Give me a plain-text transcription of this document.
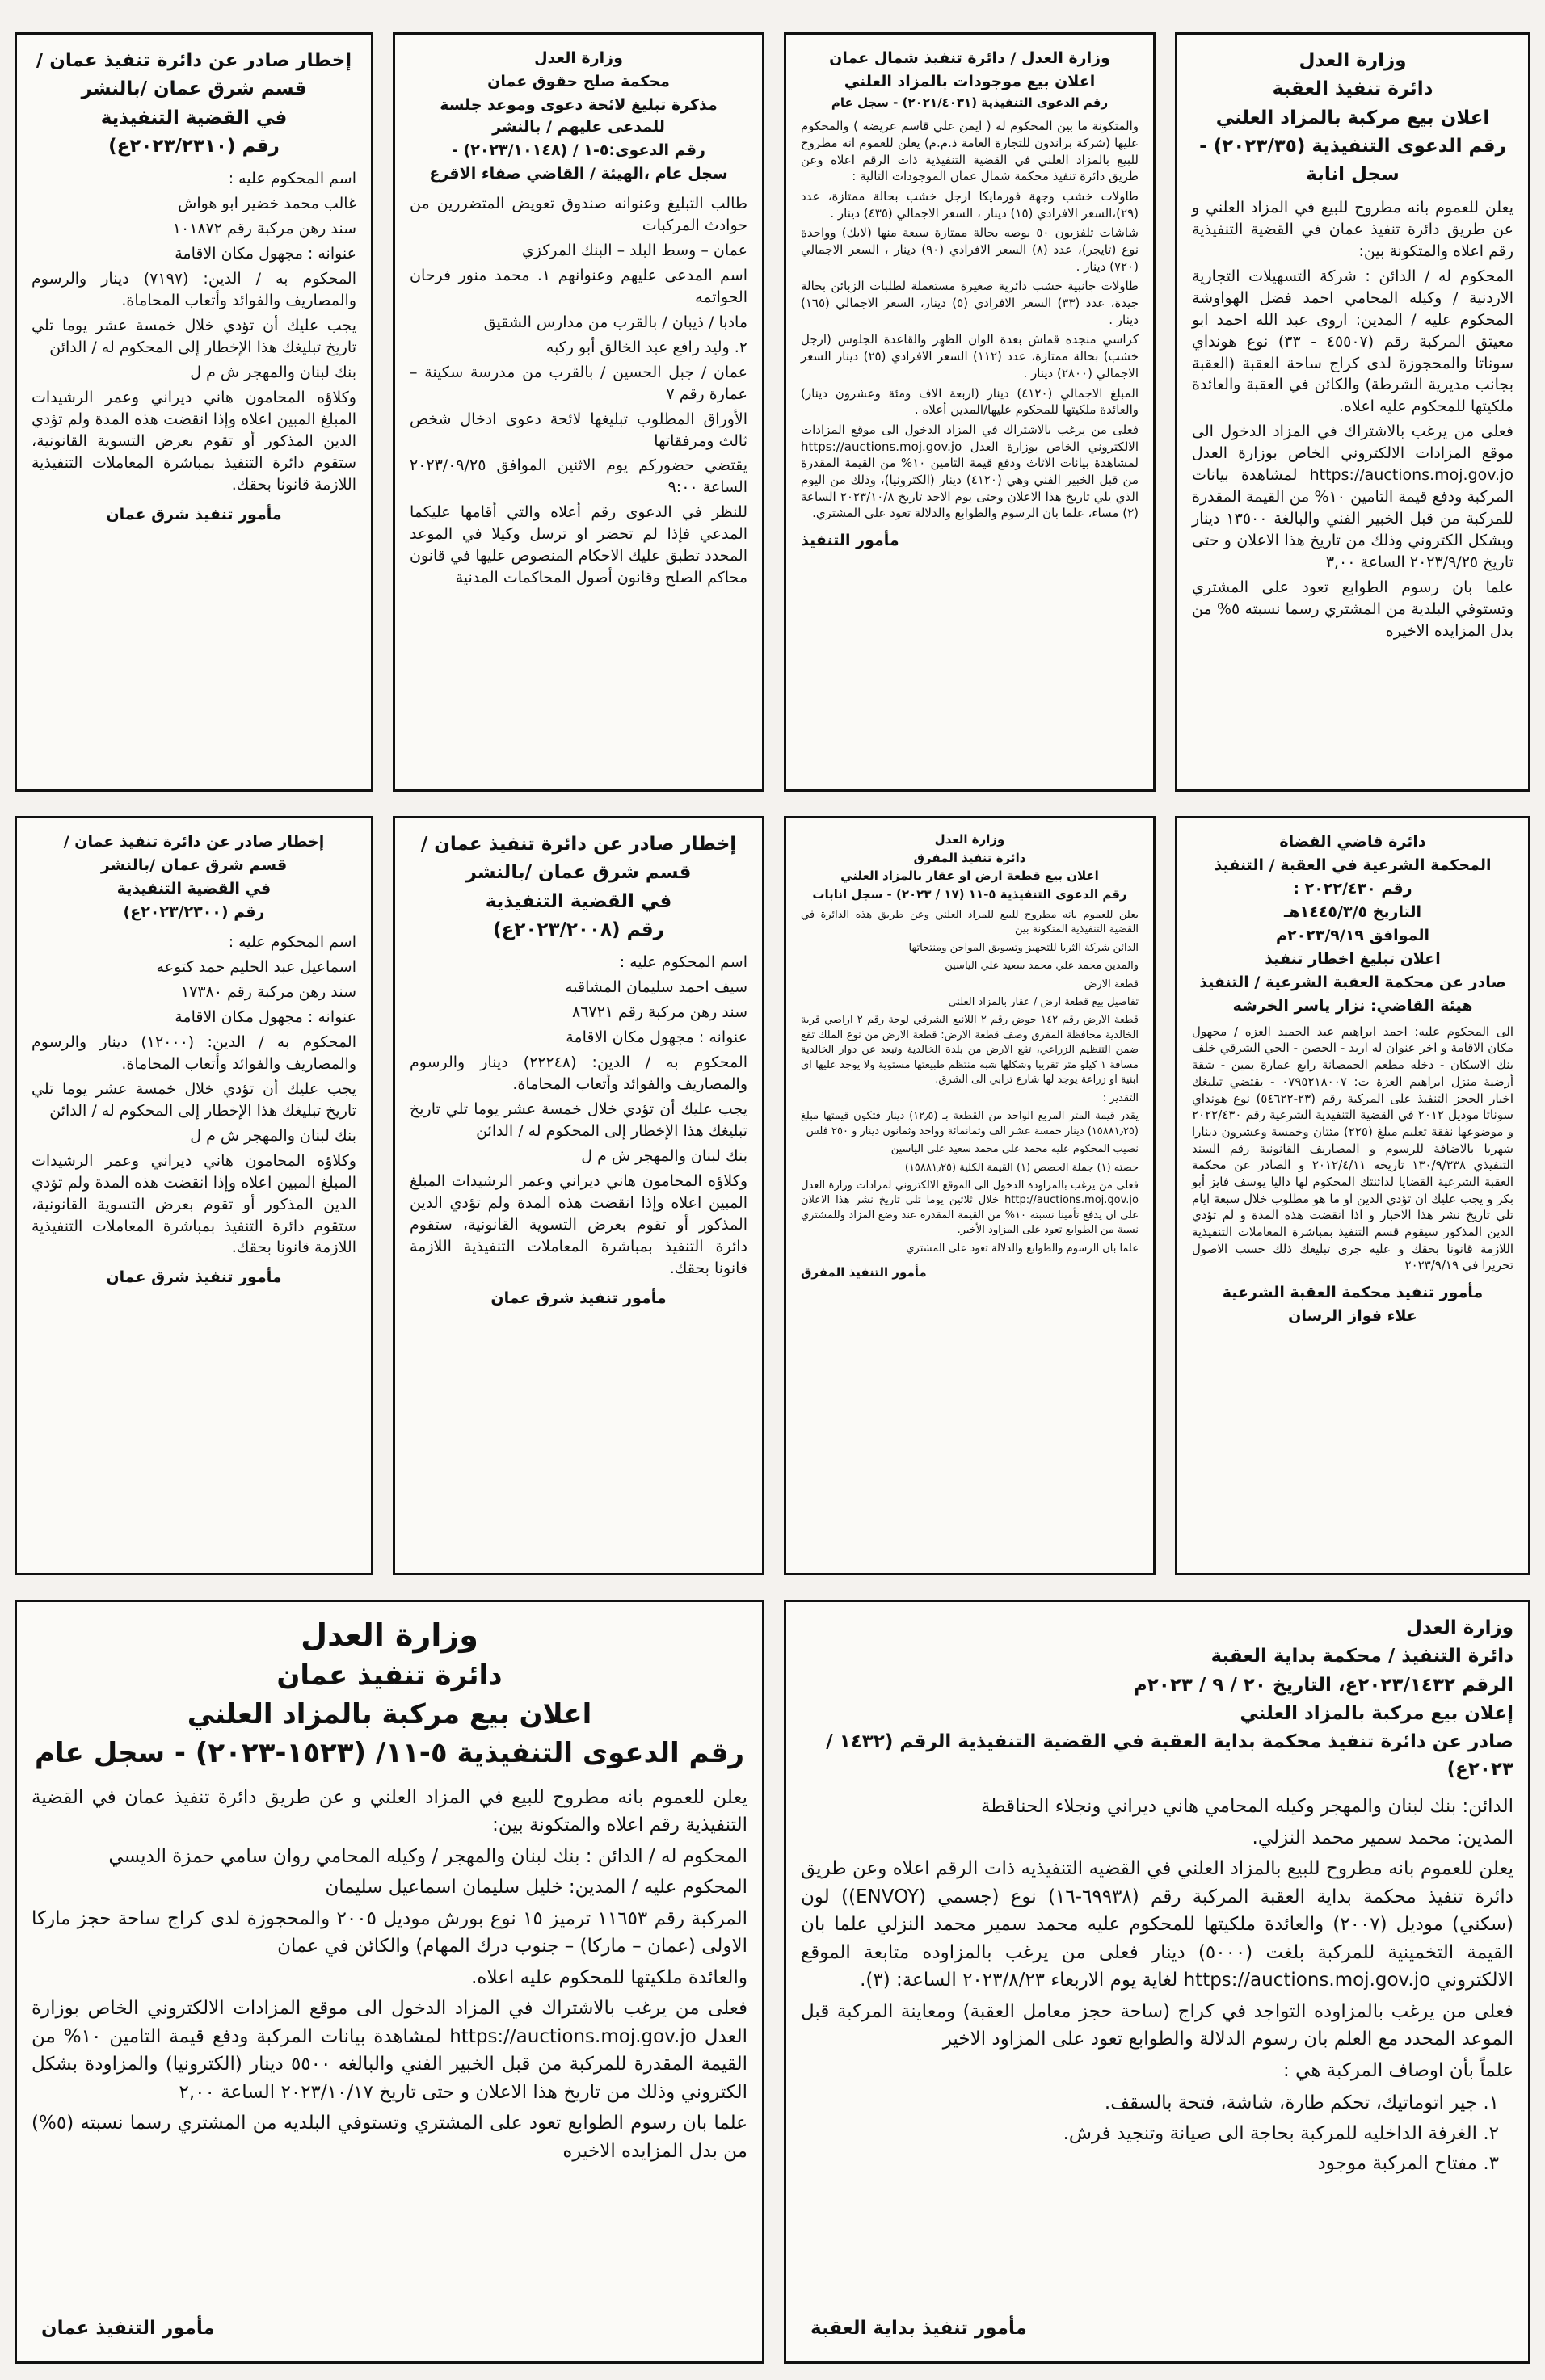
وزارة العدل
دائرة تنفيذ العقبة
اعلان بيع مركبة بالمزاد العلني
رقم الدعوى التنفيذية (٢٠٢٣/٣٥) -
سجل انابة

يعلن للعموم بانه مطروح للبيع في المزاد العلني و عن طريق دائرة تنفيذ عمان في القضية التنفيذية رقم اعلاه والمتكونة بين:

المحكوم له / الدائن : شركة التسهيلات التجارية الاردنية / وكيله المحامي احمد فضل الهواوشة المحكوم عليه / المدين: اروى عبد الله احمد ابو معيتق المركبة رقم (٤٥٥٠٧ - ٣٣) نوع هونداي سوناتا والمحجوزة لدى كراج ساحة العقبة (العقبة بجانب مديرية الشرطة) والكائن في العقبة والعائدة ملكيتها للمحكوم عليه اعلاه.

فعلى من يرغب بالاشتراك في المزاد الدخول الى موقع المزادات الالكتروني الخاص بوزارة العدل https://auctions.moj.gov.jo لمشاهدة بيانات المركبة ودفع قيمة التامين ١٠% من القيمة المقدرة للمركبة من قبل الخبير الفني والبالغة ١٣٥٠٠ دينار وبشكل الكتروني وذلك من تاريخ هذا الاعلان و حتى تاريخ ٢٠٢٣/٩/٢٥ الساعة ٣,٠٠

علما بان رسوم الطوابع تعود على المشتري وتستوفي البلدية من المشتري رسما نسبته ٥% من بدل المزايده الاخيره

وزارة العدل / دائرة تنفيذ شمال عمان
اعلان بيع موجودات بالمزاد العلني
رقم الدعوى التنفيذية (٢٠٢١/٤٠٣١) - سجل عام

والمتكونة ما بين المحكوم له ( ايمن علي قاسم عريضه ) والمحكوم عليها (شركة براندون للتجارة العامة ذ.م.م) يعلن للعموم انه مطروح للبيع بالمزاد العلني في القضية التنفيذية ذات الرقم اعلاه وعن طريق دائرة تنفيذ محكمة شمال عمان الموجودات التالية :

طاولات خشب وجهة فورمايكا ارجل خشب بحالة ممتازة، عدد (٢٩)،السعر الافرادي (١٥) دينار ، السعر الاجمالي (٤٣٥) دينار .

شاشات تلفزيون ٥٠ بوصه بحالة ممتازة سبعة منها (لايك) وواحدة نوع (تايجر)، عدد (٨) السعر الافرادي (٩٠) دينار ، السعر الاجمالي (٧٢٠) دينار .

طاولات جانبية خشب دائرية صغيرة مستعملة لطلبات الزبائن بحالة جيدة، عدد (٣٣) السعر الافرادي (٥) دينار، السعر الاجمالي (١٦٥) دينار .

كراسي منجده قماش بعدة الوان الظهر والقاعدة الجلوس (ارجل خشب) بحالة ممتازة، عدد (١١٢) السعر الافرادي (٢٥) دينار السعر الاجمالي (٢٨٠٠) دينار .

المبلغ الاجمالي (٤١٢٠) دينار (اربعة الاف ومئة وعشرون دينار) والعائدة ملكيتها للمحكوم عليها/المدين أعلاه .

فعلى من يرغب بالاشتراك في المزاد الدخول الى موقع المزادات الالكتروني الخاص بوزارة العدل https://auctions.moj.gov.jo لمشاهدة بيانات الاثاث ودفع قيمة التامين ١٠% من القيمة المقدرة من قبل الخبير الفني وهي (٤١٢٠) دينار (الكترونيا)، وذلك من اليوم الذي يلي تاريخ هذا الاعلان وحتى يوم الاحد تاريخ ٢٠٢٣/١٠/٨ الساعة (٢) مساء، علما بان الرسوم والطوابع والدلالة تعود على المشتري.

مأمور التنفيذ
وزارة العدل
محكمة صلح حقوق عمان
مذكرة تبليغ لائحة دعوى وموعد جلسة للمدعى عليهم / بالنشر
رقم الدعوى:٥-١ / (٢٠٢٣/١٠١٤٨) -
سجل عام ،الهيئة / القاضي صفاء الاقرع

طالب التبليغ وعنوانه صندوق تعويض المتضررين من حوادث المركبات

عمان – وسط البلد – البنك المركزي

اسم المدعى عليهم وعنوانهم ١. محمد منور فرحان الحواتمه

مادبا / ذيبان / بالقرب من مدارس الشقيق

٢. وليد رافع عبد الخالق أبو ركبه

عمان / جبل الحسين / بالقرب من مدرسة سكينة – عمارة رقم ٧

الأوراق المطلوب تبليغها لائحة دعوى ادخال شخص ثالث ومرفقاتها

يقتضي حضوركم يوم الاثنين الموافق ٢٠٢٣/٠٩/٢٥ الساعة ٩:٠٠

للنظر في الدعوى رقم أعلاه والتي أقامها عليكما المدعي فإذا لم تحضر او ترسل وكيلا في الموعد المحدد تطبق عليك الاحكام المنصوص عليها في قانون محاكم الصلح وقانون أصول المحاكمات المدنية

إخطار صادر عن دائرة تنفيذ عمان /
قسم شرق عمان /بالنشر
في القضية التنفيذية
رقم (٢٠٢٣/٢٣١٠ع)

اسم المحكوم عليه :

غالب محمد خضير ابو هواش

سند رهن مركبة رقم ١٠١٨٧٢

عنوانه : مجهول مكان الاقامة

المحكوم به / الدين: (٧١٩٧) دينار والرسوم والمصاريف والفوائد وأتعاب المحاماة.

يجب عليك أن تؤدي خلال خمسة عشر يوما تلي تاريخ تبليغك هذا الإخطار إلى المحكوم له / الدائن

بنك لبنان والمهجر ش م ل

وكلاؤه المحامون هاني ديراني وعمر الرشيدات المبلغ المبين اعلاه وإذا انقضت هذه المدة ولم تؤدي الدين المذكور أو تقوم بعرض التسوية القانونية، ستقوم دائرة التنفيذ بمباشرة المعاملات التنفيذية اللازمة قانونا بحقك.

مأمور تنفيذ شرق عمان
دائرة قاضي القضاة
المحكمة الشرعية في العقبة / التنفيذ
رقم ٢٠٢٢/٤٣٠ :
التاريخ ١٤٤٥/٣/٥هـ
الموافق ٢٠٢٣/٩/١٩م
اعلان تبليغ اخطار تنفيذ
صادر عن محكمة العقبة الشرعية / التنفيذ
هيئة القاضي: نزار ياسر الخرشه

الى المحكوم عليه: احمد ابراهيم عبد الحميد العزه / مجهول مكان الاقامة و اخر عنوان له اربد - الحصن - الحي الشرقي خلف بنك الاسكان - دخله مطعم الحمصانة رابع عمارة يمين - شقة أرضية منزل ابراهيم العزة ت: ٠٧٩٥٢١٨٠٠٧ - يقتضي تبليغك اخبار الحجز التنفيذ على المركبة رقم (٢٣-٥٤٦٢٢) نوع هونداي سوناتا موديل ٢٠١٢ في القضية التنفيذية الشرعية رقم ٢٠٢٢/٤٣٠ و موضوعها نفقة تعليم مبلغ (٢٢٥) مئتان وخمسة وعشرون دينارا شهريا بالاضافة للرسوم و المصاريف القانونية رقم السند التنفيذي ١٣٠/٩/٣٣٨ تاريخه ٢٠١٢/٤/١١ و الصادر عن محكمة العقبة الشرعية القضايا لدائنتك المحكوم لها داليا يوسف فايز أبو بكر و يجب عليك ان تؤدي الدين او ما هو مطلوب خلال سبعة ايام تلي تاريخ نشر هذا الاخبار و اذا انقضت هذه المدة و لم تؤدي الدين المذكور سيقوم قسم التنفيذ بمباشرة المعاملات التنفيذية اللازمة قانونا بحقك و عليه جرى تبليغك ذلك حسب الاصول تحريرا في ٢٠٢٣/٩/١٩

مأمور تنفيذ محكمة العقبة الشرعية
علاء فواز الرسان
وزارة العدل
دائرة تنفيذ المفرق
اعلان بيع قطعة ارض او عقار بالمزاد العلني
رقم الدعوى التنفيذية ٥-١١ (١٧ / ٢٠٢٣) - سجل انابات

يعلن للعموم بانه مطروح للبيع للمزاد العلني وعن طريق هذه الدائرة في القضية التنفيذية المتكونة بين

الدائن شركة الثريا للتجهيز وتسويق المواجن ومنتجاتها

والمدين محمد علي محمد سعيد علي الياسين

قطعة الارض

تفاصيل بيع قطعة ارض / عقار بالمزاد العلني

قطعة الارض رقم ١٤٢ حوض رقم ٢ اللانبع الشرقي لوحة رقم ٢ اراضي قرية الخالدية محافظة المفرق وصف قطعة الارض: قطعة الارض من نوع الملك تقع ضمن التنظيم الزراعي، تقع الارض من بلدة الخالدية وتبعد عن دوار الخالدية مسافة ١ كيلو متر تقريبا وشكلها شبه منتظم طبيعتها مستوية ولا يوجد عليها اي ابنية او زراعة يوجد لها شارع ترابي الى الشرق.

التقدير :

يقدر قيمة المتر المربع الواحد من القطعة بـ (١٢٫٥) دينار فتكون قيمتها مبلغ (١٥٨٨١٫٢٥) دينار خمسة عشر الف وثمانمائة وواحد وثمانون دينار و ٢٥٠ فلس

نصيب المحكوم عليه محمد علي محمد سعيد علي الياسين

حصته (١) جملة الحصص (١) القيمة الكلية (١٥٨٨١٫٢٥)

فعلى من يرغب بالمزاودة الدخول الى الموقع الالكتروني لمزادات وزارة العدل http://auctions.moj.gov.jo خلال ثلاثين يوما تلي تاريخ نشر هذا الاعلان على ان يدفع تأمينا نسبته ١٠% من القيمة المقدرة عند وضع المزاد وللمشتري نسبة من الطوابع تعود على المزاود الأخير.

علما بان الرسوم والطوابع والدلالة تعود على المشتري

مأمور التنفيذ المفرق
إخطار صادر عن دائرة تنفيذ عمان /
قسم شرق عمان /بالنشر
في القضية التنفيذية
رقم (٢٠٢٣/٢٠٠٨ع)

اسم المحكوم عليه :

سيف احمد سليمان المشاقبه

سند رهن مركبة رقم ٨٦٧٢١

عنوانه : مجهول مكان الاقامة

المحكوم به / الدين: (٢٢٢٤٨) دينار والرسوم والمصاريف والفوائد وأتعاب المحاماة.

يجب عليك أن تؤدي خلال خمسة عشر يوما تلي تاريخ تبليغك هذا الإخطار إلى المحكوم له / الدائن

بنك لبنان والمهجر ش م ل

وكلاؤه المحامون هاني ديراني وعمر الرشيدات المبلغ المبين اعلاه وإذا انقضت هذه المدة ولم تؤدي الدين المذكور أو تقوم بعرض التسوية القانونية، ستقوم دائرة التنفيذ بمباشرة المعاملات التنفيذية اللازمة قانونا بحقك.

مأمور تنفيذ شرق عمان
إخطار صادر عن دائرة تنفيذ عمان /
قسم شرق عمان /بالنشر
في القضية التنفيذية
رقم (٢٠٢٣/٢٣٠٠ع)

اسم المحكوم عليه :

اسماعيل عبد الحليم حمد كتوعه

سند رهن مركبة رقم ١٧٣٨٠

عنوانه : مجهول مكان الاقامة

المحكوم به / الدين: (١٢٠٠٠) دينار والرسوم والمصاريف والفوائد وأتعاب المحاماة.

يجب عليك أن تؤدي خلال خمسة عشر يوما تلي تاريخ تبليغك هذا الإخطار إلى المحكوم له / الدائن

بنك لبنان والمهجر ش م ل

وكلاؤه المحامون هاني ديراني وعمر الرشيدات المبلغ المبين اعلاه وإذا انقضت هذه المدة ولم تؤدي الدين المذكور أو تقوم بعرض التسوية القانونية، ستقوم دائرة التنفيذ بمباشرة المعاملات التنفيذية اللازمة قانونا بحقك.

مأمور تنفيذ شرق عمان
وزارة العدل
دائرة التنفيذ / محكمة بداية العقبة
الرقم ٢٠٢٣/١٤٣٢ع، التاريخ ٢٠ / ٩ / ٢٠٢٣م
إعلان بيع مركبة بالمزاد العلني
صادر عن دائرة تنفيذ محكمة بداية العقبة في القضية التنفيذية الرقم (١٤٣٢ / ٢٠٢٣ع)

الدائن: بنك لبنان والمهجر وكيله المحامي هاني ديراني ونجلاء الحناقطة

المدين: محمد سمير محمد النزلي.

يعلن للعموم بانه مطروح للبيع بالمزاد العلني في القضيه التنفيذيه ذات الرقم اعلاه وعن طريق دائرة تنفيذ محكمة بداية العقبة المركبة رقم (٦٩٩٣٨-١٦) نوع (جسمي (ENVOY)) لون (سكني) موديل (٢٠٠٧) والعائدة ملكيتها للمحكوم عليه محمد سمير محمد النزلي علما بان القيمة التخمينية للمركبة بلغت (٥٠٠٠) دينار فعلى من يرغب بالمزاوده متابعة الموقع الالكتروني https://auctions.moj.gov.jo لغاية يوم الاربعاء ٢٠٢٣/٨/٢٣ الساعة: (٣).

فعلى من يرغب بالمزاوده التواجد في كراج (ساحة حجز معامل العقبة) ومعاينة المركبة قبل الموعد المحدد مع العلم بان رسوم الدلالة والطوابع تعود على المزاود الاخير

علماً بأن اوصاف المركبة هي :

١. جير اتوماتيك، تحكم طارة، شاشة، فتحة بالسقف.
٢. الغرفة الداخليه للمركبة بحاجة الى صيانة وتنجيد فرش.
٣. مفتاح المركبة موجود
مأمور تنفيذ بداية العقبة
وزارة العدل
دائرة تنفيذ عمان
اعلان بيع مركبة بالمزاد العلني
رقم الدعوى التنفيذية ٥-١١/ (١٥٢٣-٢٠٢٣) - سجل عام

يعلن للعموم بانه مطروح للبيع في المزاد العلني و عن طريق دائرة تنفيذ عمان في القضية التنفيذية رقم اعلاه والمتكونة بين:

المحكوم له / الدائن : بنك لبنان والمهجر / وكيله المحامي روان سامي حمزة الديسي

المحكوم عليه / المدين: خليل سليمان اسماعيل سليمان

المركبة رقم ١١٦٥٣ ترميز ١٥ نوع بورش موديل ٢٠٠٥ والمحجوزة لدى كراج ساحة حجز ماركا الاولى (عمان – ماركا) – جنوب درك المهام) والكائن في عمان

والعائدة ملكيتها للمحكوم عليه اعلاه.

فعلى من يرغب بالاشتراك في المزاد الدخول الى موقع المزادات الالكتروني الخاص بوزارة العدل https://auctions.moj.gov.jo لمشاهدة بيانات المركبة ودفع قيمة التامين ١٠% من القيمة المقدرة للمركبة من قبل الخبير الفني والبالغه ٥٥٠٠ دينار (الكترونيا) والمزاودة بشكل الكتروني وذلك من تاريخ هذا الاعلان و حتى تاريخ ٢٠٢٣/١٠/١٧ الساعة ٢,٠٠

علما بان رسوم الطوابع تعود على المشتري وتستوفي البلديه من المشتري رسما نسبته (٥%) من بدل المزايده الاخيره

مأمور التنفيذ عمان
